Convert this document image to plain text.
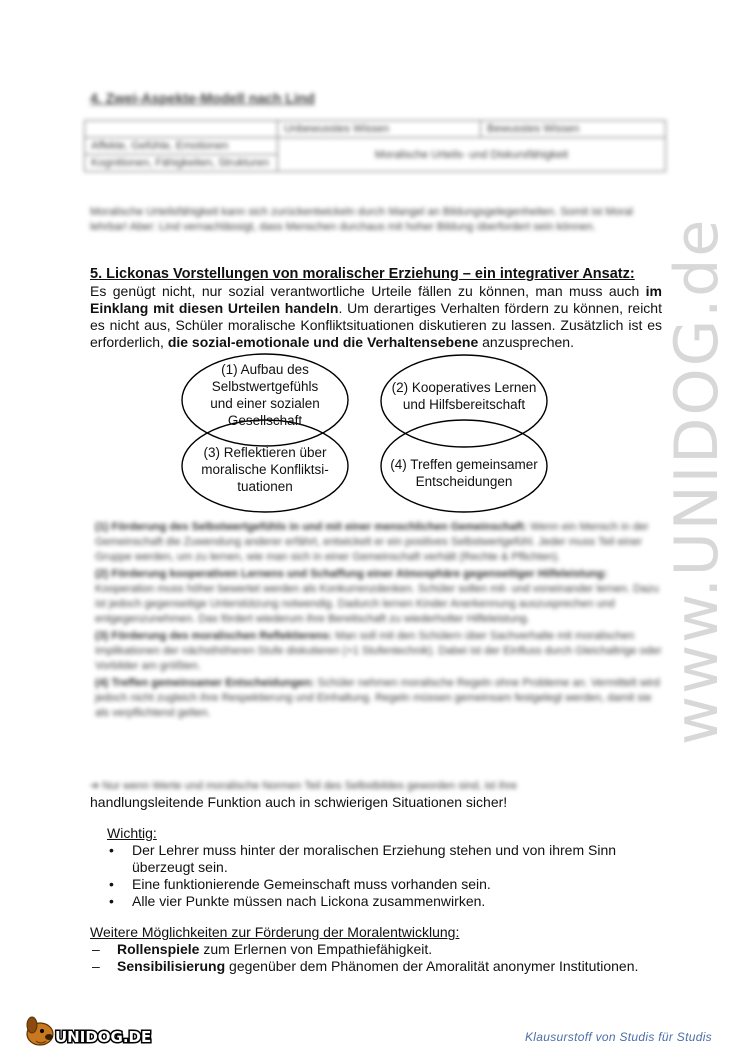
www.UNIDOG.de
4. Zwei-Aspekte-Modell nach Lind
	Unbewusstes Wissen	Bewusstes Wissen
Affekte, Gefühle, Emotionen	Moralische Urteils- und Diskursfähigkeit	
Kognitionen, Fähigkeiten, Strukturen		
Moralische Urteilsfähigkeit kann sich zurückentwickeln durch Mangel an Bildungsgelegenheiten. Somit ist Moral lehrbar! Aber: Lind vernachlässigt, dass Menschen durchaus mit hoher Bildung überfordert sein können.
5. Lickonas Vorstellungen von moralischer Erziehung – ein integrativer Ansatz:
Es genügt nicht, nur sozial verantwortliche Urteile fällen zu können, man muss auch im Einklang mit diesen Urteilen handeln. Um derartiges Verhalten fördern zu können, reicht es nicht aus, Schüler moralische Konfliktsituationen diskutieren zu lassen. Zusätzlich ist es erforderlich, die sozial-emotionale und die Verhaltensebene anzusprechen.
(1) Aufbau des
Selbstwertgefühls
und einer sozialen
Gesellschaft
(2) Kooperatives Lernen
und Hilfsbereitschaft
(3) Reflektieren über
moralische Konfliktsi-
tuationen
(4) Treffen gemeinsamer
Entscheidungen

(1) Förderung des Selbstwertgefühls in und mit einer menschlichen Gemeinschaft: Wenn ein Mensch in der Gemeinschaft die Zuwendung anderer erfährt, entwickelt er ein positives Selbstwertgefühl. Jeder muss Teil einer Gruppe werden, um zu lernen, wie man sich in einer Gemeinschaft verhält (Rechte & Pflichten).

(2) Förderung kooperativen Lernens und Schaffung einer Atmosphäre gegenseitiger Hilfeleistung: Kooperation muss höher bewertet werden als Konkurrenzdenken. Schüler sollen mit- und voneinander lernen. Dazu ist jedoch gegenseitige Unterstützung notwendig. Dadurch lernen Kinder Anerkennung auszusprechen und entgegenzunehmen. Das fördert wiederum ihre Bereitschaft zu wiederholter Hilfeleistung.

(3) Förderung des moralischen Reflektierens: Man soll mit den Schülern über Sachverhalte mit moralischen Implikationen der nächsthöheren Stufe diskutieren (+1 Stufentechnik). Dabei ist der Einfluss durch Gleichaltrige oder Vorbilder am größten.

(4) Treffen gemeinsamer Entscheidungen: Schüler nehmen moralische Regeln ohne Probleme an. Vermittelt wird jedoch nicht zugleich ihre Respektierung und Einhaltung. Regeln müssen gemeinsam festgelegt werden, damit sie als verpflichtend gelten.

➔ Nur wenn Werte und moralische Normen Teil des Selbstbildes geworden sind, ist ihre
handlungsleitende Funktion auch in schwierigen Situationen sicher!
Wichtig:
• Der Lehrer muss hinter der moralischen Erziehung stehen und von ihrem Sinn überzeugt sein.
• Eine funktionierende Gemeinschaft muss vorhanden sein.
• Alle vier Punkte müssen nach Lickona zusammenwirken.
Weitere Möglichkeiten zur Förderung der Moralentwicklung:
– Rollenspiele zum Erlernen von Empathiefähigkeit.
– Sensibilisierung gegenüber dem Phänomen der Amoralität anonymer Institutionen.
UNIDOG.DE	Klausurstoff von Studis für Studis
